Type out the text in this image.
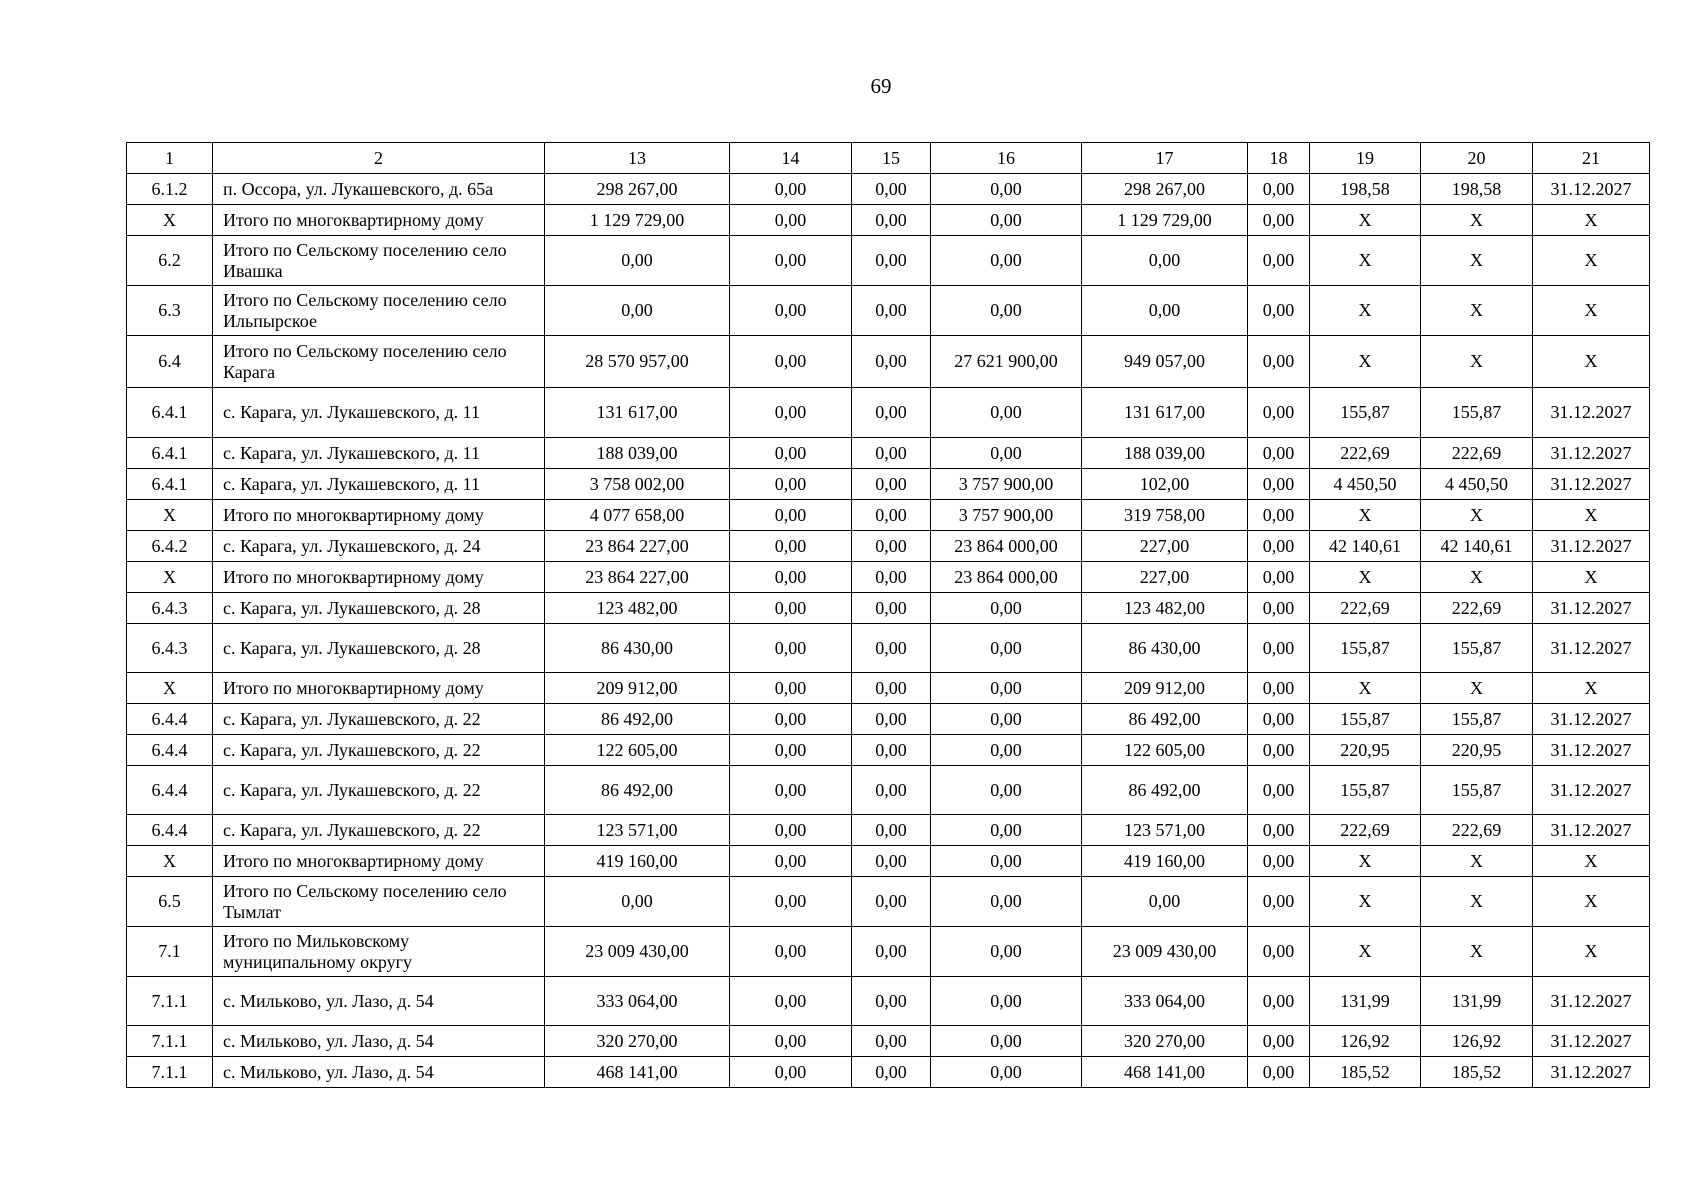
69
1	2	13	14	15	16	17	18	19	20	21
6.1.2	п. Оссора, ул. Лукашевского, д. 65а	298 267,00	0,00	0,00	0,00	298 267,00	0,00	198,58	198,58	31.12.2027
X	Итого по многоквартирному дому	1 129 729,00	0,00	0,00	0,00	1 129 729,00	0,00	X	X	X
6.2	Итого по Сельскому поселению село Ивашка	0,00	0,00	0,00	0,00	0,00	0,00	X	X	X
6.3	Итого по Сельскому поселению село Ильпырское	0,00	0,00	0,00	0,00	0,00	0,00	X	X	X
6.4	Итого по Сельскому поселению село Карага	28 570 957,00	0,00	0,00	27 621 900,00	949 057,00	0,00	X	X	X
6.4.1	с. Карага, ул. Лукашевского, д. 11	131 617,00	0,00	0,00	0,00	131 617,00	0,00	155,87	155,87	31.12.2027
6.4.1	с. Карага, ул. Лукашевского, д. 11	188 039,00	0,00	0,00	0,00	188 039,00	0,00	222,69	222,69	31.12.2027
6.4.1	с. Карага, ул. Лукашевского, д. 11	3 758 002,00	0,00	0,00	3 757 900,00	102,00	0,00	4 450,50	4 450,50	31.12.2027
X	Итого по многоквартирному дому	4 077 658,00	0,00	0,00	3 757 900,00	319 758,00	0,00	X	X	X
6.4.2	с. Карага, ул. Лукашевского, д. 24	23 864 227,00	0,00	0,00	23 864 000,00	227,00	0,00	42 140,61	42 140,61	31.12.2027
X	Итого по многоквартирному дому	23 864 227,00	0,00	0,00	23 864 000,00	227,00	0,00	X	X	X
6.4.3	с. Карага, ул. Лукашевского, д. 28	123 482,00	0,00	0,00	0,00	123 482,00	0,00	222,69	222,69	31.12.2027
6.4.3	с. Карага, ул. Лукашевского, д. 28	86 430,00	0,00	0,00	0,00	86 430,00	0,00	155,87	155,87	31.12.2027
X	Итого по многоквартирному дому	209 912,00	0,00	0,00	0,00	209 912,00	0,00	X	X	X
6.4.4	с. Карага, ул. Лукашевского, д. 22	86 492,00	0,00	0,00	0,00	86 492,00	0,00	155,87	155,87	31.12.2027
6.4.4	с. Карага, ул. Лукашевского, д. 22	122 605,00	0,00	0,00	0,00	122 605,00	0,00	220,95	220,95	31.12.2027
6.4.4	с. Карага, ул. Лукашевского, д. 22	86 492,00	0,00	0,00	0,00	86 492,00	0,00	155,87	155,87	31.12.2027
6.4.4	с. Карага, ул. Лукашевского, д. 22	123 571,00	0,00	0,00	0,00	123 571,00	0,00	222,69	222,69	31.12.2027
X	Итого по многоквартирному дому	419 160,00	0,00	0,00	0,00	419 160,00	0,00	X	X	X
6.5	Итого по Сельскому поселению село Тымлат	0,00	0,00	0,00	0,00	0,00	0,00	X	X	X
7.1	Итого по Мильковскому муниципальному округу	23 009 430,00	0,00	0,00	0,00	23 009 430,00	0,00	X	X	X
7.1.1	с. Мильково, ул. Лазо, д. 54	333 064,00	0,00	0,00	0,00	333 064,00	0,00	131,99	131,99	31.12.2027
7.1.1	с. Мильково, ул. Лазо, д. 54	320 270,00	0,00	0,00	0,00	320 270,00	0,00	126,92	126,92	31.12.2027
7.1.1	с. Мильково, ул. Лазо, д. 54	468 141,00	0,00	0,00	0,00	468 141,00	0,00	185,52	185,52	31.12.2027
